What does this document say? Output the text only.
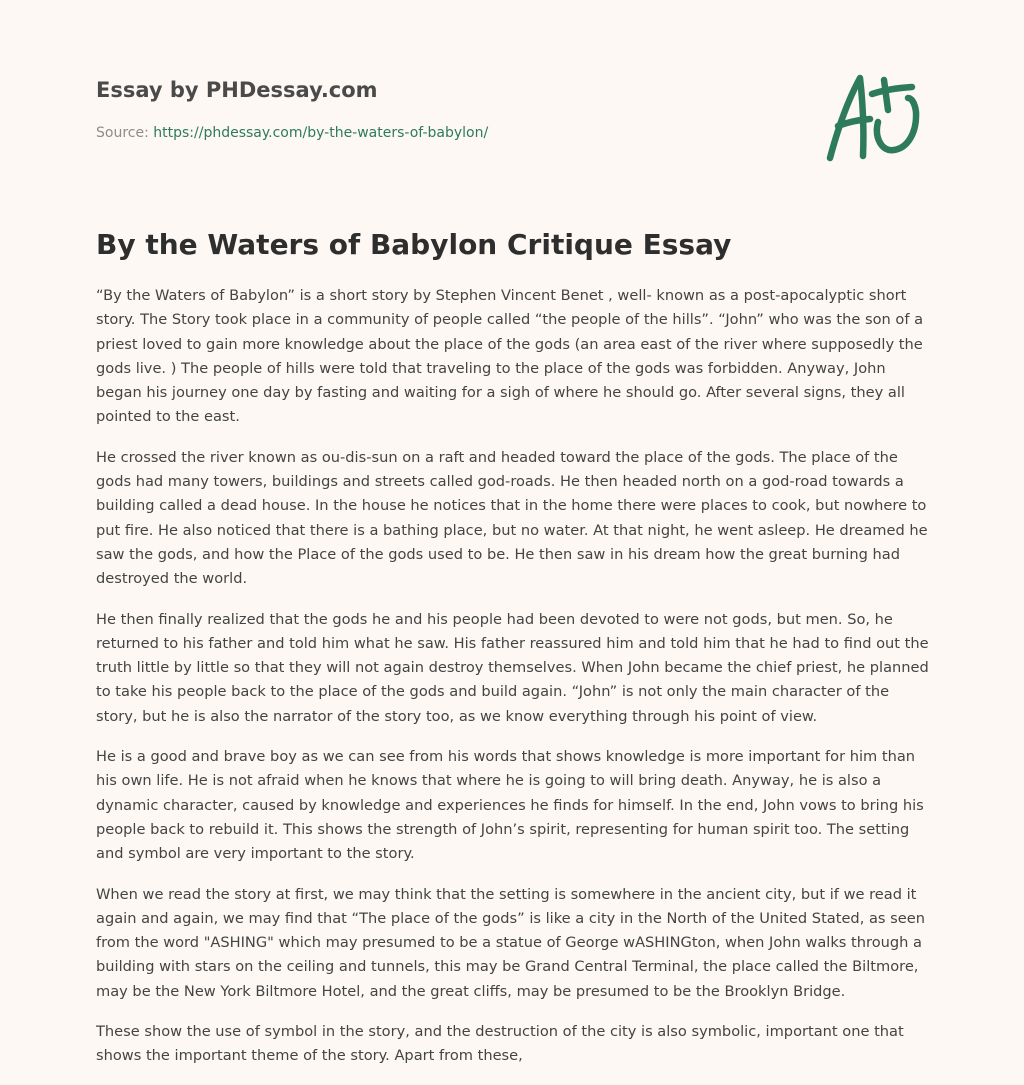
Essay by PHDessay.com
Source: https://phdessay.com/by-the-waters-of-babylon/
By the Waters of Babylon Critique Essay

“By the Waters of Babylon” is a short story by Stephen Vincent Benet , well- known as a post-apocalyptic short story. The Story took place in a community of people called “the people of the hills”. “John” who was the son of a priest loved to gain more knowledge about the place of the gods (an area east of the river where supposedly the gods live. ) The people of hills were told that traveling to the place of the gods was forbidden. Anyway, John began his journey one day by fasting and waiting for a sigh of where he should go. After several signs, they all pointed to the east.

He crossed the river known as ou-dis-sun on a raft and headed toward the place of the gods. The place of the gods had many towers, buildings and streets called god-roads. He then headed north on a god-road towards a building called a dead house. In the house he notices that in the home there were places to cook, but nowhere to put fire. He also noticed that there is a bathing place, but no water. At that night, he went asleep. He dreamed he saw the gods, and how the Place of the gods used to be. He then saw in his dream how the great burning had destroyed the world.

He then finally realized that the gods he and his people had been devoted to were not gods, but men. So, he returned to his father and told him what he saw. His father reassured him and told him that he had to find out the truth little by little so that they will not again destroy themselves. When John became the chief priest, he planned to take his people back to the place of the gods and build again. “John” is not only the main character of the story, but he is also the narrator of the story too, as we know everything through his point of view.

He is a good and brave boy as we can see from his words that shows knowledge is more important for him than his own life. He is not afraid when he knows that where he is going to will bring death. Anyway, he is also a dynamic character, caused by knowledge and experiences he finds for himself. In the end, John vows to bring his people back to rebuild it. This shows the strength of John’s spirit, representing for human spirit too. The setting and symbol are very important to the story.

When we read the story at first, we may think that the setting is somewhere in the ancient city, but if we read it again and again, we may find that “The place of the gods” is like a city in the North of the United Stated, as seen from the word "ASHING" which may presumed to be a statue of George wASHINGton, when John walks through a building with stars on the ceiling and tunnels, this may be Grand Central Terminal, the place called the Biltmore, may be the New York Biltmore Hotel, and the great cliffs, may be presumed to be the Brooklyn Bridge.

These show the use of symbol in the story, and the destruction of the city is also symbolic, important one that shows the important theme of the story. Apart from these,
